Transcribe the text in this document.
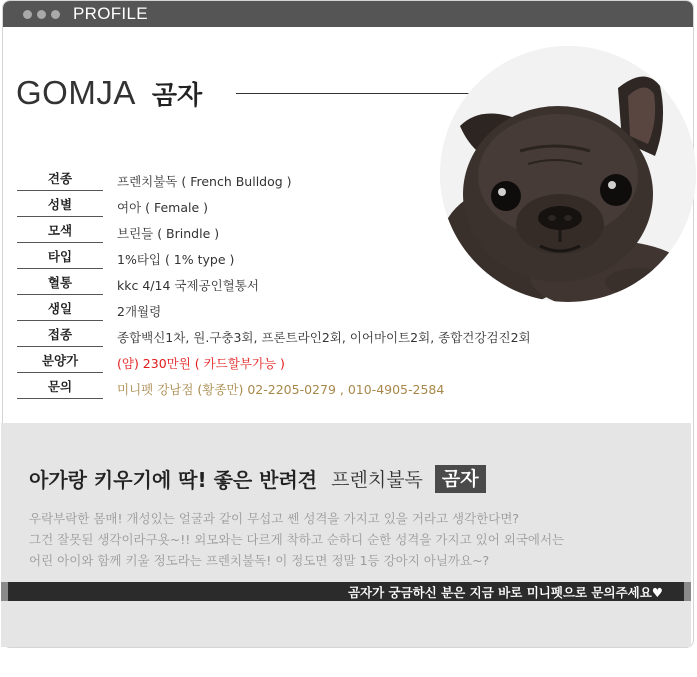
PROFILE
GOMJA 곰자
견종	프렌치불독 ( French Bulldog )
성별	여아 ( Female )
모색	브린들 ( Brindle )
타입	1%타입 ( 1% type )
혈통	kkc 4/14 국제공인혈통서
생일	2개월령
접종	종합백신1차, 원.구충3회, 프론트라인2회, 이어마이트2회, 종합건강검진2회
분양가	(얌) 230만원 ( 카드할부가능 )
문의	미니펫 강남점 (황종만) 02-2205-0279 , 010-4905-2584
아가랑 키우기에 딱! 좋은 반려견 프렌치불독	곰자
우락부락한 몸매! 개성있는 얼굴과 같이 무섭고 쎈 성격을 가지고 있을 거라고 생각한다면?
그건 잘못된 생각이라구욧~!! 외모와는 다르게 착하고 순하디 순한 성격을 가지고 있어 외국에서는
어린 아이와 함께 키울 정도라는 프렌치불독! 이 정도면 정말 1등 강아지 아닐까요~?
곰자가 궁금하신 분은 지금 바로 미니펫으로 문의주세요♥
